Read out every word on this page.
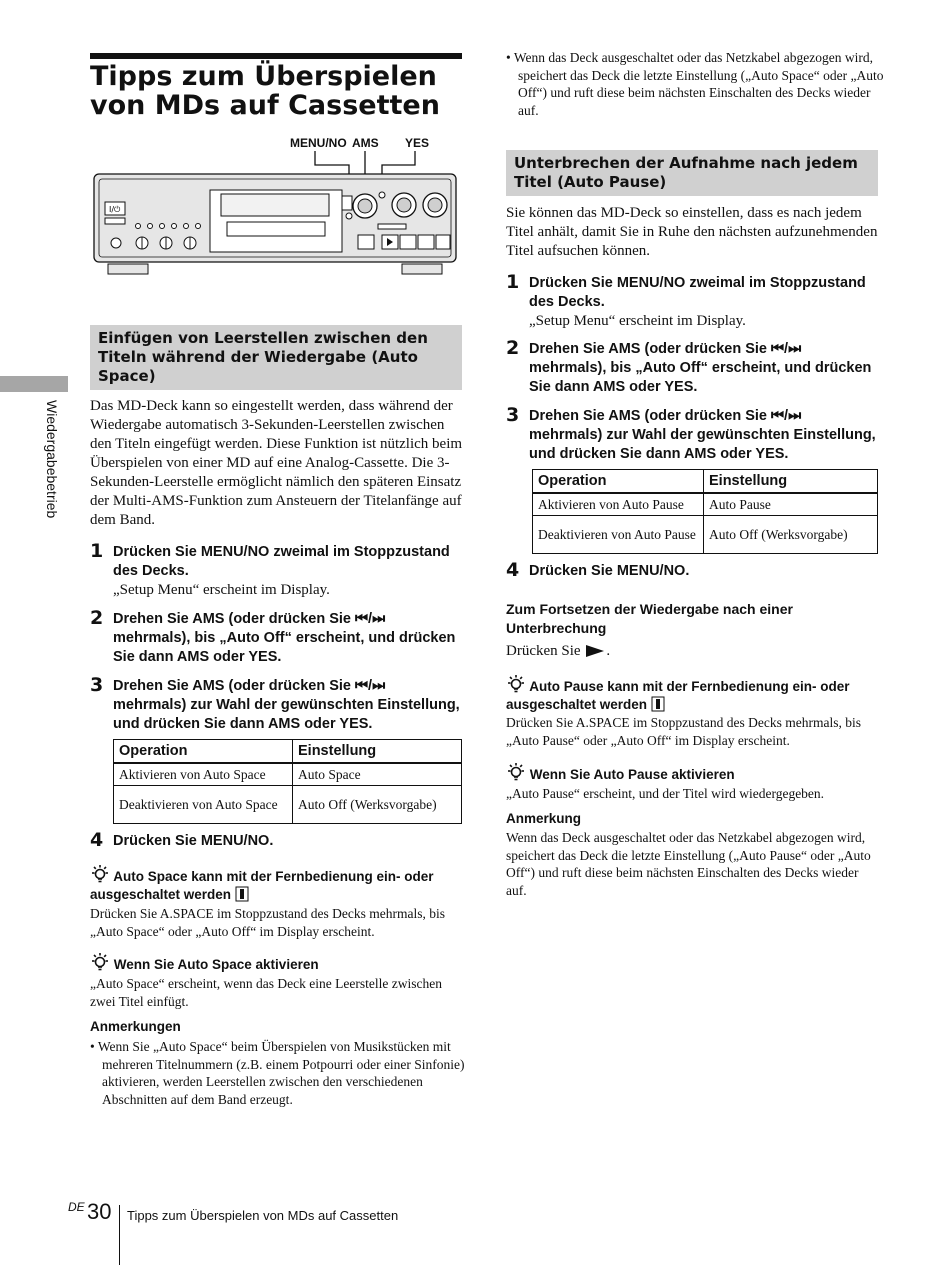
Tipps zum Überspielen von MDs auf Cassetten
Wiedergabebetrieb
MENU/NO AMS YES
I/⏻
Einfügen von Leerstellen zwischen den Titeln während der Wiedergabe (Auto Space)
Das MD-Deck kann so eingestellt werden, dass während der Wiedergabe automatisch 3-Sekunden-Leerstellen zwischen den Titeln eingefügt werden. Diese Funktion ist nützlich beim Überspielen von einer MD auf eine Analog-Cassette. Die 3-Sekunden-Leerstelle ermöglicht nämlich den späteren Einsatz der Multi-AMS-Funktion zum Ansteuern der Titelanfänge auf dem Band.
1 Drücken Sie MENU/NO zweimal im Stoppzustand des Decks.
„Setup Menu“ erscheint im Display.
2 Drehen Sie AMS (oder drücken Sie ⏮/⏭ mehrmals), bis „Auto Off“ erscheint, und drücken Sie dann AMS oder YES.
3 Drehen Sie AMS (oder drücken Sie ⏮/⏭ mehrmals) zur Wahl der gewünschten Einstellung, und drücken Sie dann AMS oder YES.
Operation	Einstellung
Aktivieren von Auto Space	Auto Space
Deaktivieren von Auto Space	Auto Off (Werksvorgabe)
4 Drücken Sie MENU/NO.
Auto Space kann mit der Fernbedienung ein- oder ausgeschaltet werden
Drücken Sie A.SPACE im Stoppzustand des Decks mehrmals, bis „Auto Space“ oder „Auto Off“ im Display erscheint.
Wenn Sie Auto Space aktivieren
„Auto Space“ erscheint, wenn das Deck eine Leerstelle zwischen zwei Titel einfügt.
Anmerkungen
• Wenn Sie „Auto Space“ beim Überspielen von Musikstücken mit mehreren Titelnummern (z.B. einem Potpourri oder einer Sinfonie) aktivieren, werden Leerstellen zwischen den verschiedenen Abschnitten auf dem Band erzeugt.
• Wenn das Deck ausgeschaltet oder das Netzkabel abgezogen wird, speichert das Deck die letzte Einstellung („Auto Space“ oder „Auto Off“) und ruft diese beim nächsten Einschalten des Decks wieder auf.
Unterbrechen der Aufnahme nach jedem Titel (Auto Pause)
Sie können das MD-Deck so einstellen, dass es nach jedem Titel anhält, damit Sie in Ruhe den nächsten aufzunehmenden Titel aufsuchen können.
1 Drücken Sie MENU/NO zweimal im Stoppzustand des Decks.
„Setup Menu“ erscheint im Display.
2 Drehen Sie AMS (oder drücken Sie ⏮/⏭ mehrmals), bis „Auto Off“ erscheint, und drücken Sie dann AMS oder YES.
3 Drehen Sie AMS (oder drücken Sie ⏮/⏭ mehrmals) zur Wahl der gewünschten Einstellung, und drücken Sie dann AMS oder YES.
Operation	Einstellung
Aktivieren von Auto Pause	Auto Pause
Deaktivieren von Auto Pause	Auto Off (Werksvorgabe)
4 Drücken Sie MENU/NO.
Zum Fortsetzen der Wiedergabe nach einer Unterbrechung
Drücken Sie .
Auto Pause kann mit der Fernbedienung ein- oder ausgeschaltet werden
Drücken Sie A.SPACE im Stoppzustand des Decks mehrmals, bis „Auto Pause“ oder „Auto Off“ im Display erscheint.
Wenn Sie Auto Pause aktivieren
„Auto Pause“ erscheint, und der Titel wird wiedergegeben.
Anmerkung
Wenn das Deck ausgeschaltet oder das Netzkabel abgezogen wird, speichert das Deck die letzte Einstellung („Auto Pause“ oder „Auto Off“) und ruft diese beim nächsten Einschalten des Decks wieder auf.
DE 30 Tipps zum Überspielen von MDs auf Cassetten
